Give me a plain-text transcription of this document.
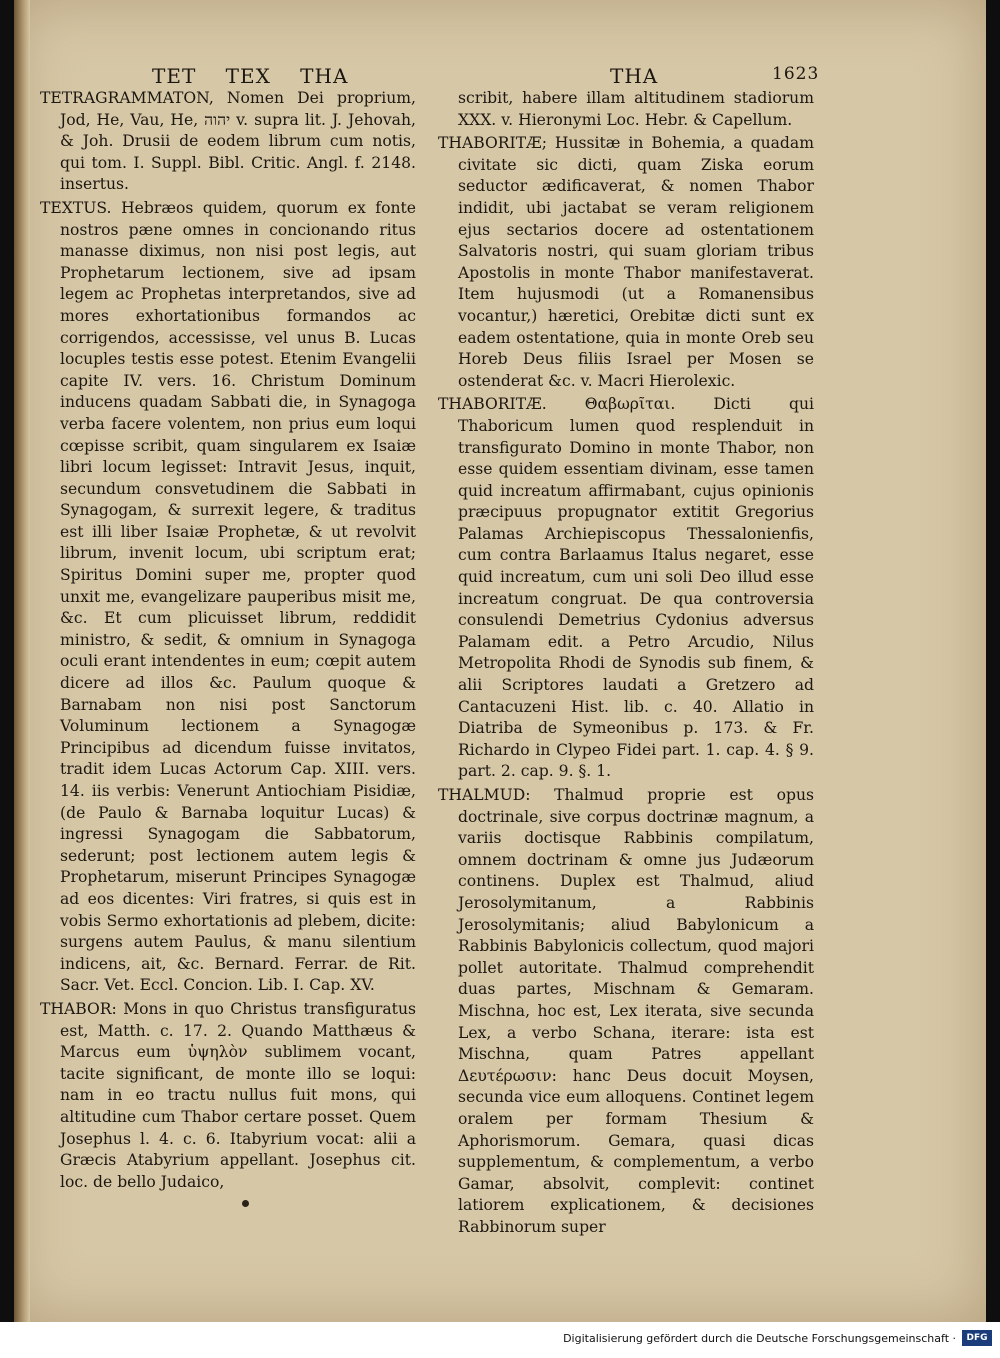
TET TEX THA	THA	1623

TETRAGRAMMATON, Nomen Dei proprium, Jod, He, Vau, He, יהוה v. supra lit. J. Jehovah, & Joh. Drusii de eodem librum cum notis, qui tom. I. Suppl. Bibl. Critic. Angl. f. 2148. insertus.

TEXTUS. Hebræos quidem, quorum ex fonte nostros pæne omnes in concionando ritus manasse diximus, non nisi post legis, aut Prophetarum lectionem, sive ad ipsam legem ac Prophetas interpretandos, sive ad mores exhortationibus formandos ac corrigendos, accessisse, vel unus B. Lucas locuples testis esse potest. Etenim Evangelii capite IV. vers. 16. Christum Dominum inducens quadam Sabbati die, in Synagoga verba facere volentem, non prius eum loqui cœpisse scribit, quam singularem ex Isaiæ libri locum legisset: Intravit Jesus, inquit, secundum consvetudinem die Sabbati in Synagogam, & surrexit legere, & traditus est illi liber Isaiæ Prophetæ, & ut revolvit librum, invenit locum, ubi scriptum erat; Spiritus Domini super me, propter quod unxit me, evangelizare pauperibus misit me, &c. Et cum plicuisset librum, reddidit ministro, & sedit, & omnium in Synagoga oculi erant intendentes in eum; cœpit autem dicere ad illos &c. Paulum quoque & Barnabam non nisi post Sanctorum Voluminum lectionem a Synagogæ Principibus ad dicendum fuisse invitatos, tradit idem Lucas Actorum Cap. XIII. vers. 14. iis verbis: Venerunt Antiochiam Pisidiæ, (de Paulo & Barnaba loquitur Lucas) & ingressi Synagogam die Sabbatorum, sederunt; post lectionem autem legis & Prophetarum, miserunt Principes Synagogæ ad eos dicentes: Viri fratres, si quis est in vobis Sermo exhortationis ad plebem, dicite: surgens autem Paulus, & manu silentium indicens, ait, &c. Bernard. Ferrar. de Rit. Sacr. Vet. Eccl. Concion. Lib. I. Cap. XV.

THABOR: Mons in quo Christus transfiguratus est, Matth. c. 17. 2. Quando Matthæus & Marcus eum ὑψηλὸν sublimem vocant, tacite significant, de monte illo se loqui: nam in eo tractu nullus fuit mons, qui altitudine cum Thabor certare posset. Quem Josephus l. 4. c. 6. Itabyrium vocat: alii a Græcis Atabyrium appellant. Josephus cit. loc. de bello Judaico,

scribit, habere illam altitudinem stadiorum XXX. v. Hieronymi Loc. Hebr. & Capellum.

THABORITÆ; Hussitæ in Bohemia, a quadam civitate sic dicti, quam Ziska eorum seductor ædificaverat, & nomen Thabor indidit, ubi jactabat se veram religionem ejus sectarios docere ad ostentationem Salvatoris nostri, qui suam gloriam tribus Apostolis in monte Thabor manifestaverat. Item hujusmodi (ut a Romanensibus vocantur,) hæretici, Orebitæ dicti sunt ex eadem ostentatione, quia in monte Oreb seu Horeb Deus filiis Israel per Mosen se ostenderat &c. v. Macri Hierolexic.

THABORITÆ. Θαβωρῖται. Dicti qui Thaboricum lumen quod resplenduit in transfigurato Domino in monte Thabor, non esse quidem essentiam divinam, esse tamen quid increatum affirmabant, cujus opinionis præcipuus propugnator extitit Gregorius Palamas Archiepiscopus Thessalonienfis, cum contra Barlaamus Italus negaret, esse quid increatum, cum uni soli Deo illud esse increatum congruat. De qua controversia consulendi Demetrius Cydonius adversus Palamam edit. a Petro Arcudio, Nilus Metropolita Rhodi de Synodis sub finem, & alii Scriptores laudati a Gretzero ad Cantacuzeni Hist. lib. c. 40. Allatio in Diatriba de Symeonibus p. 173. & Fr. Richardo in Clypeo Fidei part. 1. cap. 4. § 9. part. 2. cap. 9. §. 1.

THALMUD: Thalmud proprie est opus doctrinale, sive corpus doctrinæ magnum, a variis doctisque Rabbinis compilatum, omnem doctrinam & omne jus Judæorum continens. Duplex est Thalmud, aliud Jerosolymitanum, a Rabbinis Jerosolymitanis; aliud Babylonicum a Rabbinis Babylonicis collectum, quod majori pollet autoritate. Thalmud comprehendit duas partes, Mischnam & Gemaram. Mischna, hoc est, Lex iterata, sive secunda Lex, a verbo Schana, iterare: ista est Mischna, quam Patres appellant Δευτέρωσιν: hanc Deus docuit Moysen, secunda vice eum alloquens. Continet legem oralem per formam Thesium & Aphorismorum. Gemara, quasi dicas supplementum, & complementum, a verbo Gamar, absolvit, complevit: continet latiorem explicationem, & decisiones Rabbinorum super

Digitalisierung gefördert durch die Deutsche Forschungsgemeinschaft ·	DFG
